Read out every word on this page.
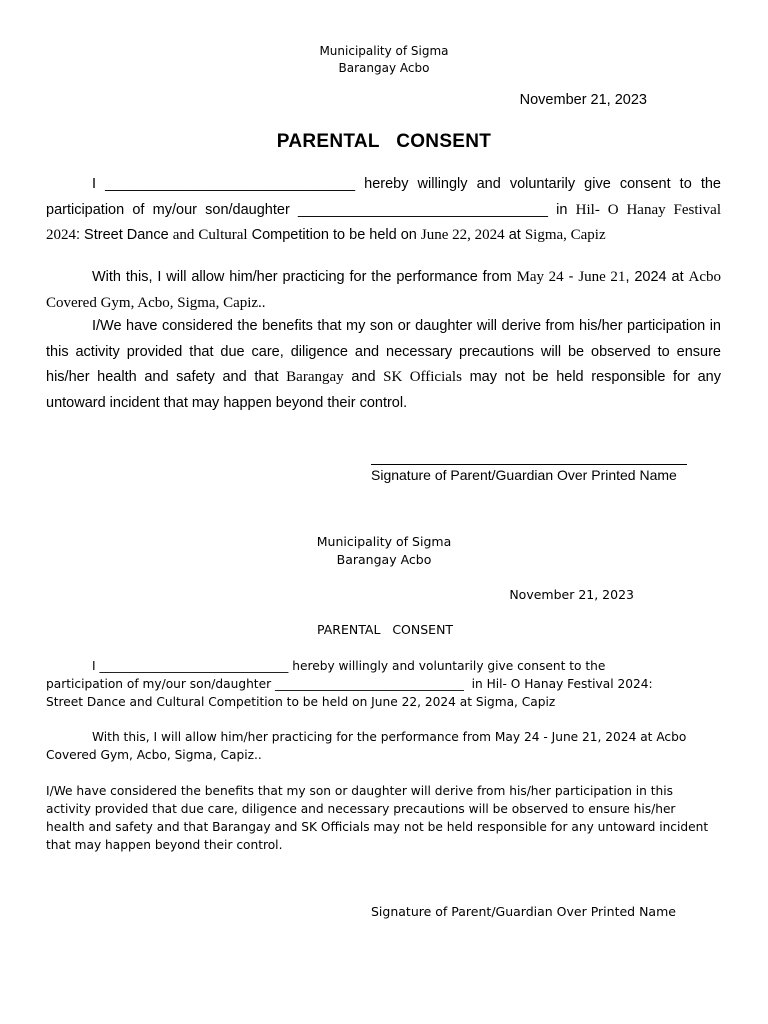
Municipality of Sigma
Barangay Acbo
November 21, 2023
PARENTAL   CONSENT

I _______________________________ hereby willingly and voluntarily give consent to the participation of my/our son/daughter _______________________________ in Hil- O Hanay Festival 2024: Street Dance and Cultural Competition to be held on June 22, 2024 at Sigma, Capiz

With this, I will allow him/her practicing for the performance from May 24 - June 21, 2024 at Acbo Covered Gym, Acbo, Sigma, Capiz..

I/We have considered the benefits that my son or daughter will derive from his/her participation in this activity provided that due care, diligence and necessary precautions will be observed to ensure his/her health and safety and that Barangay and SK Officials may not be held responsible for any untoward incident that may happen beyond their control.

Signature of Parent/Guardian Over Printed Name
Municipality of Sigma
Barangay Acbo
November 21, 2023
PARENTAL   CONSENT

I _______________________________ hereby willingly and voluntarily give consent to the

participation of my/our son/daughter _______________________________  in Hil- O Hanay Festival 2024:

Street Dance and Cultural Competition to be held on June 22, 2024 at Sigma, Capiz

With this, I will allow him/her practicing for the performance from May 24 - June 21, 2024 at Acbo

Covered Gym, Acbo, Sigma, Capiz..

I/We have considered the benefits that my son or daughter will derive from his/her participation in this

activity provided that due care, diligence and necessary precautions will be observed to ensure his/her

health and safety and that Barangay and SK Officials may not be held responsible for any untoward incident

that may happen beyond their control.

Signature of Parent/Guardian Over Printed Name
